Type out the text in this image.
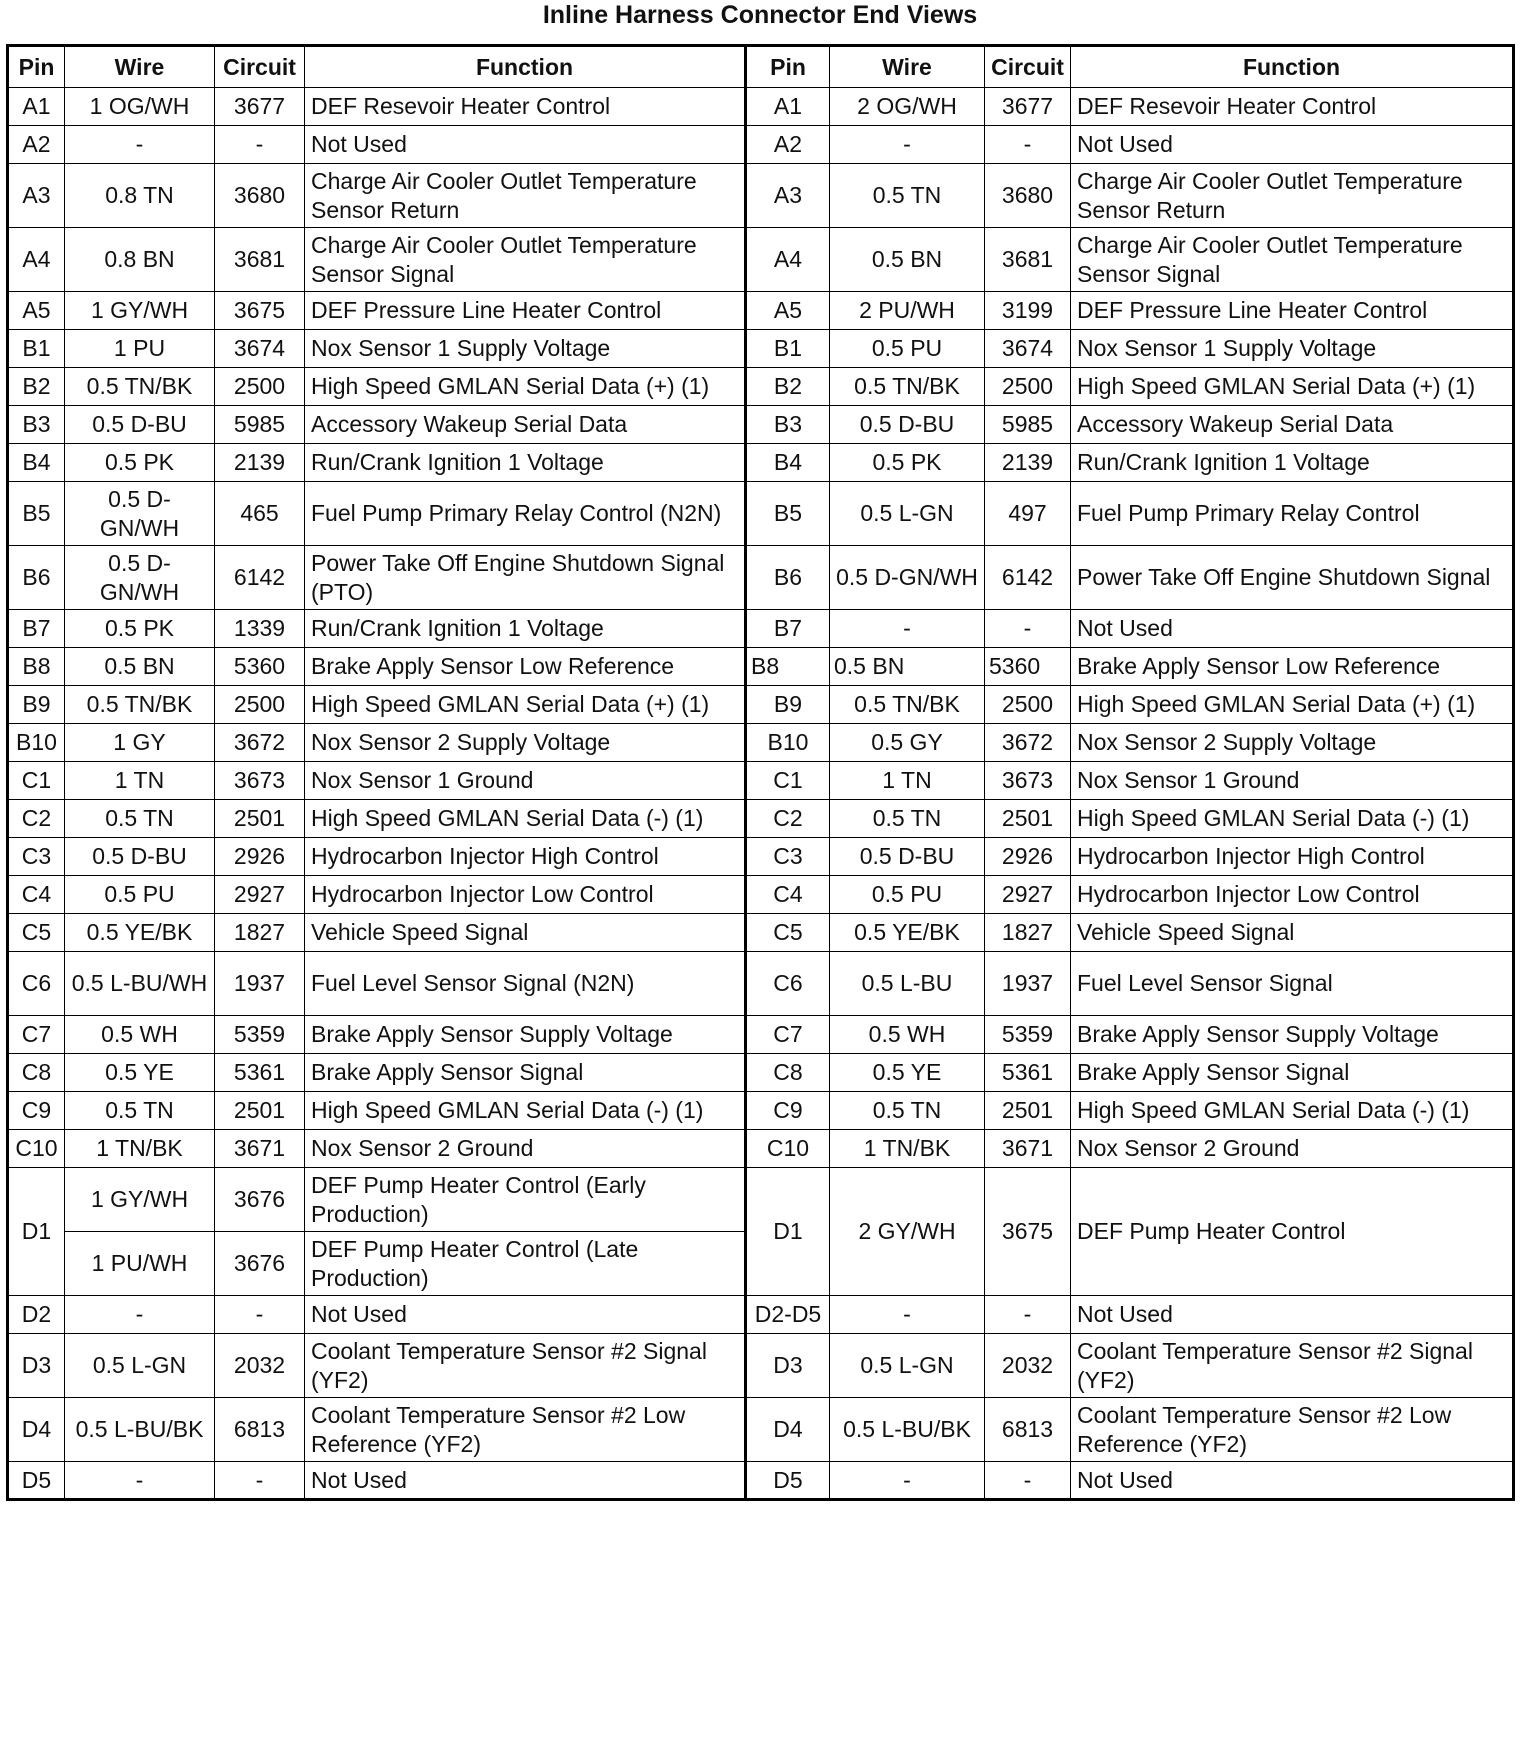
Inline Harness Connector End Views
Pin	Wire	Circuit	Function	Pin	Wire	Circuit	Function
A1	1 OG/WH	3677	DEF Resevoir Heater Control	A1	2 OG/WH	3677	DEF Resevoir Heater Control
A2	-	-	Not Used	A2	-	-	Not Used
A3	0.8 TN	3680	Charge Air Cooler Outlet Temperature Sensor Return	A3	0.5 TN	3680	Charge Air Cooler Outlet Temperature Sensor Return
A4	0.8 BN	3681	Charge Air Cooler Outlet Temperature Sensor Signal	A4	0.5 BN	3681	Charge Air Cooler Outlet Temperature Sensor Signal
A5	1 GY/WH	3675	DEF Pressure Line Heater Control	A5	2 PU/WH	3199	DEF Pressure Line Heater Control
B1	1 PU	3674	Nox Sensor 1 Supply Voltage	B1	0.5 PU	3674	Nox Sensor 1 Supply Voltage
B2	0.5 TN/BK	2500	High Speed GMLAN Serial Data (+) (1)	B2	0.5 TN/BK	2500	High Speed GMLAN Serial Data (+) (1)
B3	0.5 D-BU	5985	Accessory Wakeup Serial Data	B3	0.5 D-BU	5985	Accessory Wakeup Serial Data
B4	0.5 PK	2139	Run/Crank Ignition 1 Voltage	B4	0.5 PK	2139	Run/Crank Ignition 1 Voltage
B5	0.5 D-GN/WH	465	Fuel Pump Primary Relay Control (N2N)	B5	0.5 L-GN	497	Fuel Pump Primary Relay Control
B6	0.5 D-GN/WH	6142	Power Take Off Engine Shutdown Signal (PTO)	B6	0.5 D-GN/WH	6142	Power Take Off Engine Shutdown Signal
B7	0.5 PK	1339	Run/Crank Ignition 1 Voltage	B7	-	-	Not Used
B8	0.5 BN	5360	Brake Apply Sensor Low Reference	B8	0.5 BN	5360	Brake Apply Sensor Low Reference
B9	0.5 TN/BK	2500	High Speed GMLAN Serial Data (+) (1)	B9	0.5 TN/BK	2500	High Speed GMLAN Serial Data (+) (1)
B10	1 GY	3672	Nox Sensor 2 Supply Voltage	B10	0.5 GY	3672	Nox Sensor 2 Supply Voltage
C1	1 TN	3673	Nox Sensor 1 Ground	C1	1 TN	3673	Nox Sensor 1 Ground
C2	0.5 TN	2501	High Speed GMLAN Serial Data (-) (1)	C2	0.5 TN	2501	High Speed GMLAN Serial Data (-) (1)
C3	0.5 D-BU	2926	Hydrocarbon Injector High Control	C3	0.5 D-BU	2926	Hydrocarbon Injector High Control
C4	0.5 PU	2927	Hydrocarbon Injector Low Control	C4	0.5 PU	2927	Hydrocarbon Injector Low Control
C5	0.5 YE/BK	1827	Vehicle Speed Signal	C5	0.5 YE/BK	1827	Vehicle Speed Signal
C6	0.5 L-BU/WH	1937	Fuel Level Sensor Signal (N2N)	C6	0.5 L-BU	1937	Fuel Level Sensor Signal
C7	0.5 WH	5359	Brake Apply Sensor Supply Voltage	C7	0.5 WH	5359	Brake Apply Sensor Supply Voltage
C8	0.5 YE	5361	Brake Apply Sensor Signal	C8	0.5 YE	5361	Brake Apply Sensor Signal
C9	0.5 TN	2501	High Speed GMLAN Serial Data (-) (1)	C9	0.5 TN	2501	High Speed GMLAN Serial Data (-) (1)
C10	1 TN/BK	3671	Nox Sensor 2 Ground	C10	1 TN/BK	3671	Nox Sensor 2 Ground
D1	1 GY/WH	3676	DEF Pump Heater Control (Early Production)	D1	2 GY/WH	3675	DEF Pump Heater Control
	1 PU/WH	3676	DEF Pump Heater Control (Late Production)				
D2	-	-	Not Used	D2-D5	-	-	Not Used
D3	0.5 L-GN	2032	Coolant Temperature Sensor #2 Signal (YF2)	D3	0.5 L-GN	2032	Coolant Temperature Sensor #2 Signal (YF2)
D4	0.5 L-BU/BK	6813	Coolant Temperature Sensor #2 Low Reference (YF2)	D4	0.5 L-BU/BK	6813	Coolant Temperature Sensor #2 Low Reference (YF2)
D5	-	-	Not Used	D5	-	-	Not Used
